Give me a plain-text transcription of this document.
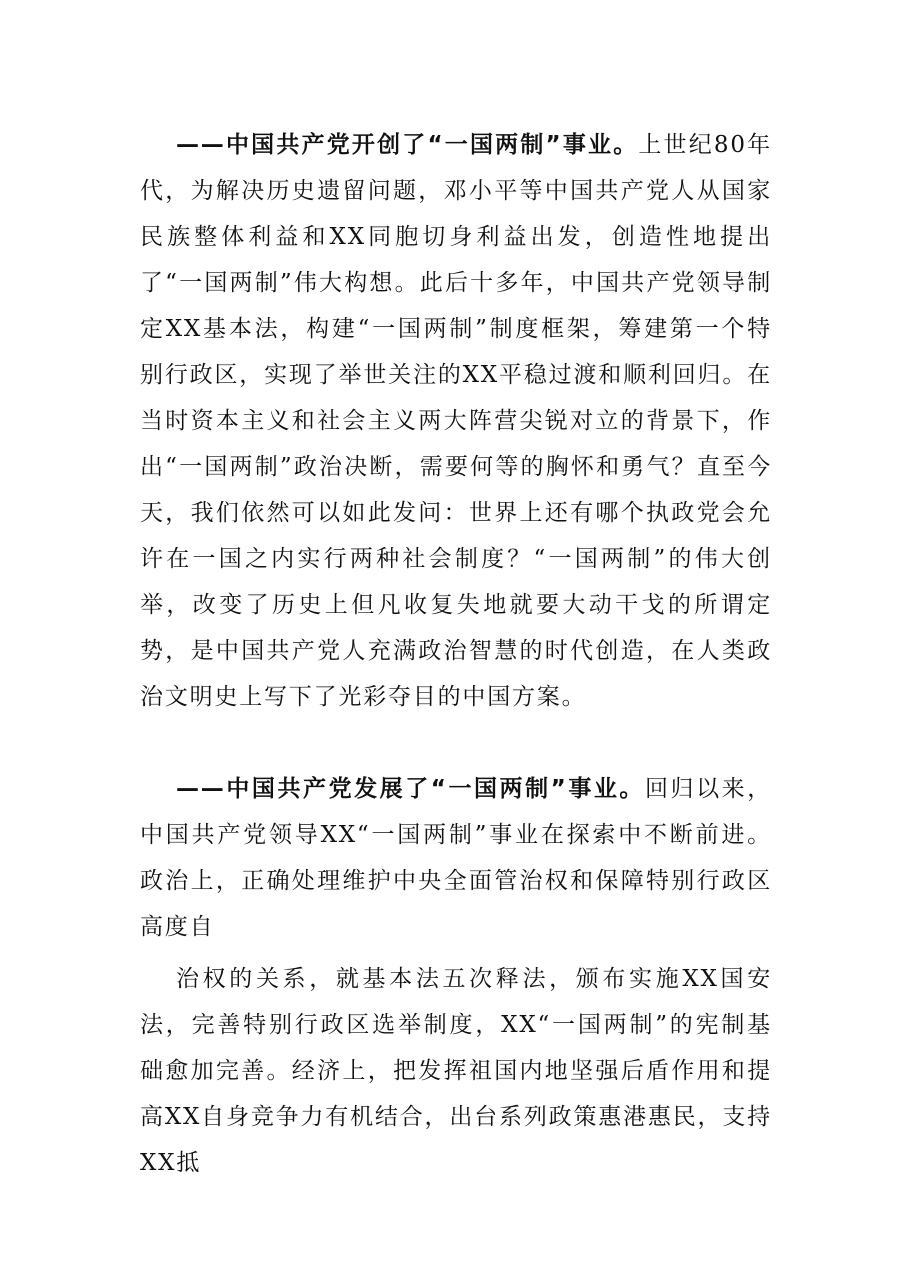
——中国共产党开创了“一国两制”事业。上世纪80年代，为解决历史遗留问题，邓小平等中国共产党人从国家民族整体利益和XX同胞切身利益出发，创造性地提出了“一国两制”伟大构想。此后十多年，中国共产党领导制定XX基本法，构建“一国两制”制度框架，筹建第一个特别行政区，实现了举世关注的XX平稳过渡和顺利回归。在当时资本主义和社会主义两大阵营尖锐对立的背景下，作出“一国两制”政治决断，需要何等的胸怀和勇气？直至今天，我们依然可以如此发问：世界上还有哪个执政党会允许在一国之内实行两种社会制度？“一国两制”的伟大创举，改变了历史上但凡收复失地就要大动干戈的所谓定势，是中国共产党人充满政治智慧的时代创造，在人类政治文明史上写下了光彩夺目的中国方案。

——中国共产党发展了“一国两制”事业。回归以来，中国共产党领导XX“一国两制”事业在探索中不断前进。政治上，正确处理维护中央全面管治权和保障特别行政区高度自

治权的关系，就基本法五次释法，颁布实施XX国安法，完善特别行政区选举制度，XX“一国两制”的宪制基础愈加完善。经济上，把发挥祖国内地坚强后盾作用和提高XX自身竞争力有机结合，出台系列政策惠港惠民，支持XX抵
